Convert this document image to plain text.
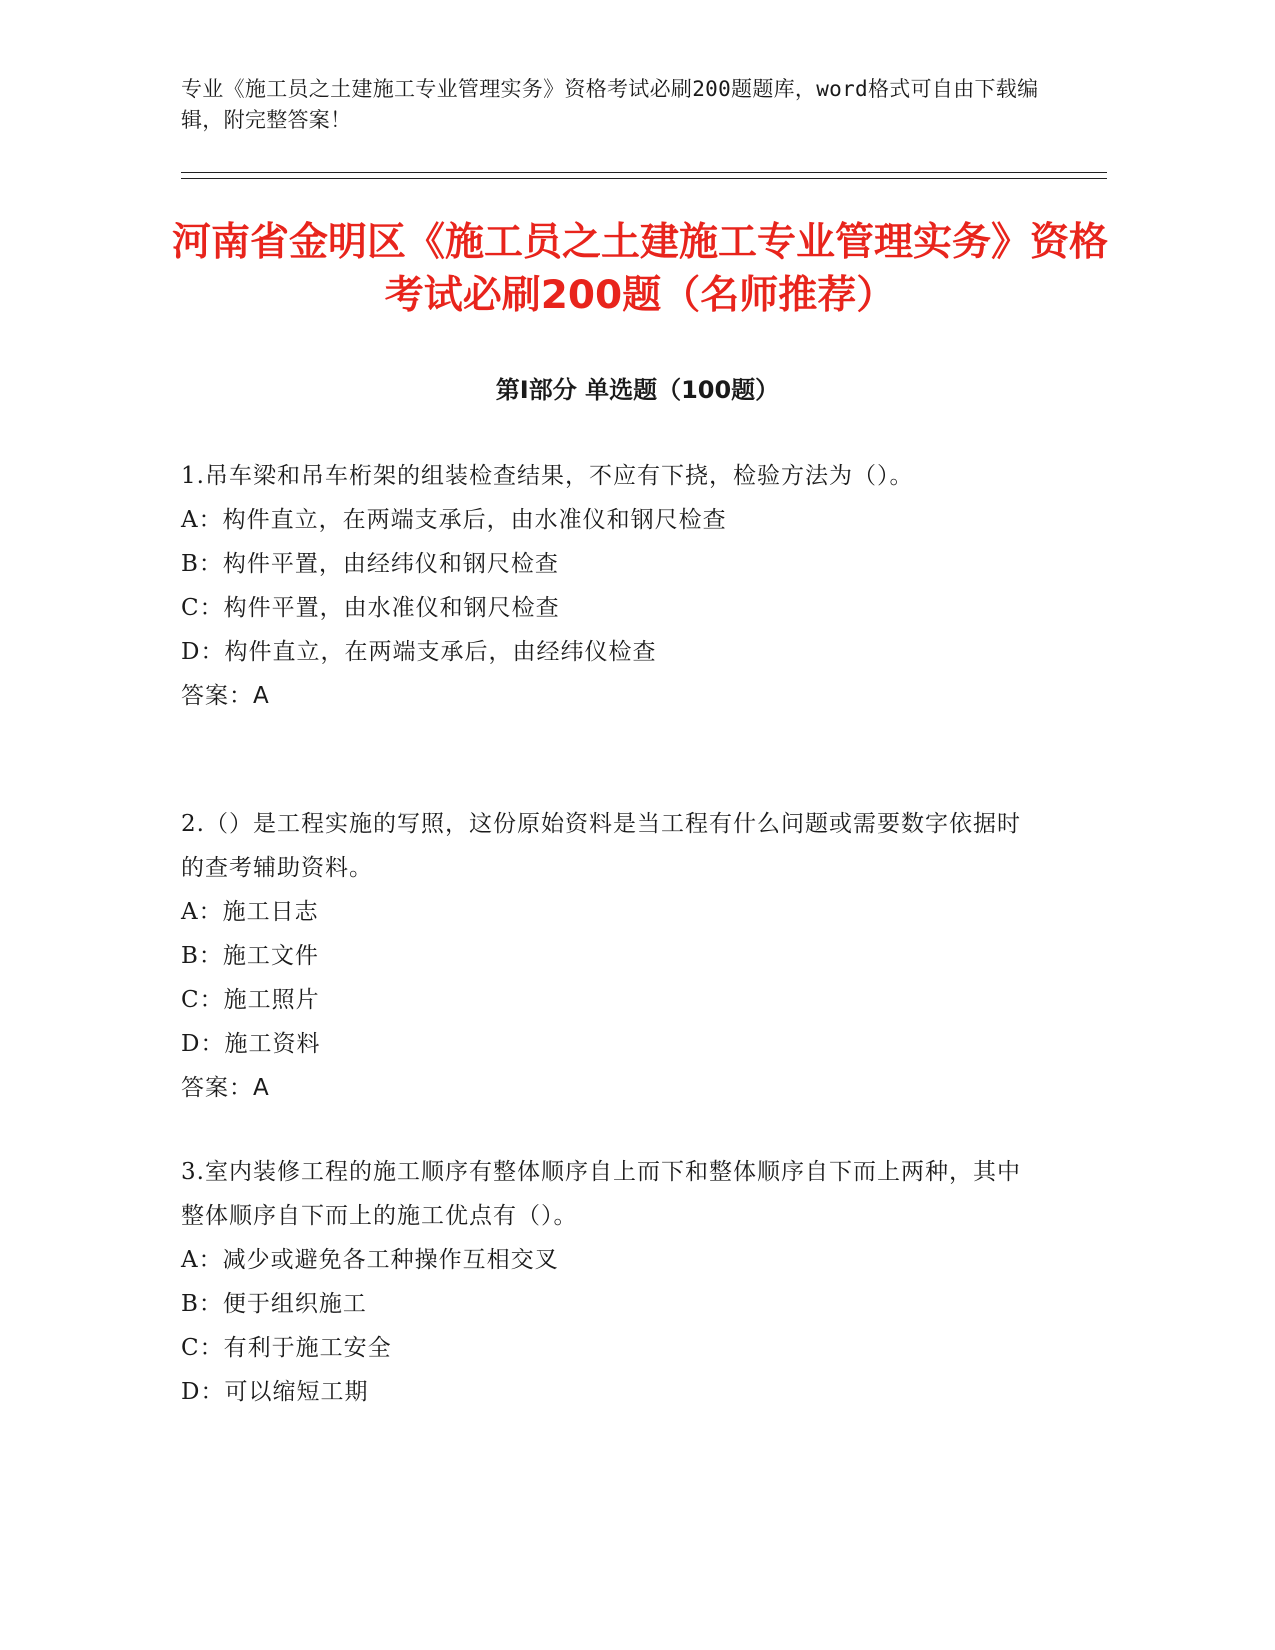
专业《施工员之土建施工专业管理实务》资格考试必刷200题题库，word格式可自由下载编辑，附完整答案！
河南省金明区《施工员之土建施工专业管理实务》资格考试必刷200题（名师推荐）
第Ⅰ部分 单选题（100题）

1.吊车梁和吊车桁架的组装检查结果，不应有下挠，检验方法为（）。

A：构件直立，在两端支承后，由水准仪和钢尺检查

B：构件平置，由经纬仪和钢尺检查

C：构件平置，由水准仪和钢尺检查

D：构件直立，在两端支承后，由经纬仪检查

答案：A

2.（）是工程实施的写照，这份原始资料是当工程有什么问题或需要数字依据时的查考辅助资料。

A：施工日志

B：施工文件

C：施工照片

D：施工资料

答案：A

3.室内装修工程的施工顺序有整体顺序自上而下和整体顺序自下而上两种，其中整体顺序自下而上的施工优点有（）。

A：减少或避免各工种操作互相交叉

B：便于组织施工

C：有利于施工安全

D：可以缩短工期
